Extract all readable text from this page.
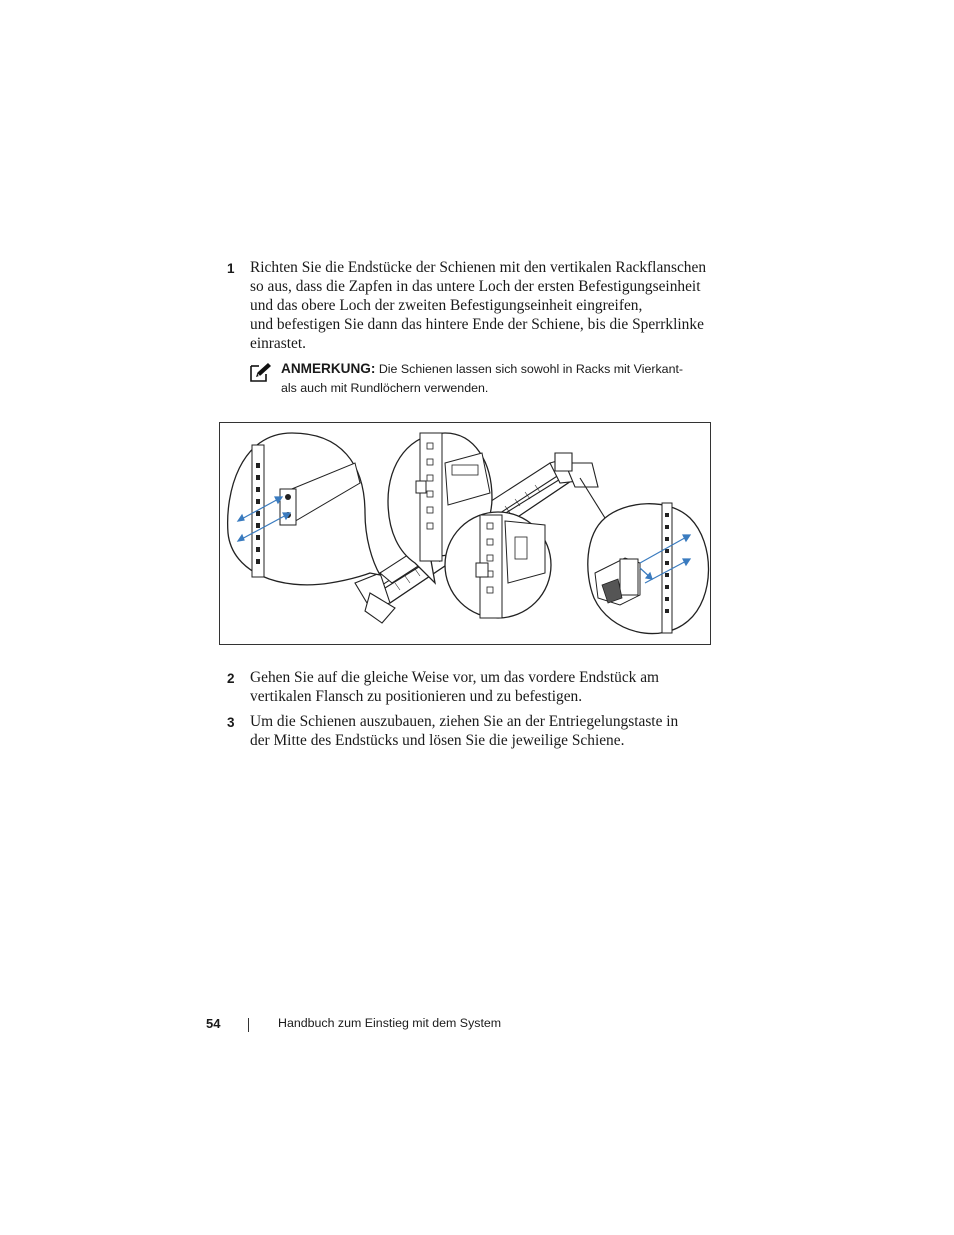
1 Richten Sie die Endstücke der Schienen mit den vertikalen Rackflanschen
so aus, dass die Zapfen in das untere Loch der ersten Befestigungseinheit
und das obere Loch der zweiten Befestigungseinheit eingreifen,
und befestigen Sie dann das hintere Ende der Schiene, bis die Sperrklinke
einrastet.
ANMERKUNG: Die Schienen lassen sich sowohl in Racks mit Vierkant-
als auch mit Rundlöchern verwenden.
2 Gehen Sie auf die gleiche Weise vor, um das vordere Endstück am
vertikalen Flansch zu positionieren und zu befestigen.
3 Um die Schienen auszubauen, ziehen Sie an der Entriegelungstaste in
der Mitte des Endstücks und lösen Sie die jeweilige Schiene.
54	Handbuch zum Einstieg mit dem System
